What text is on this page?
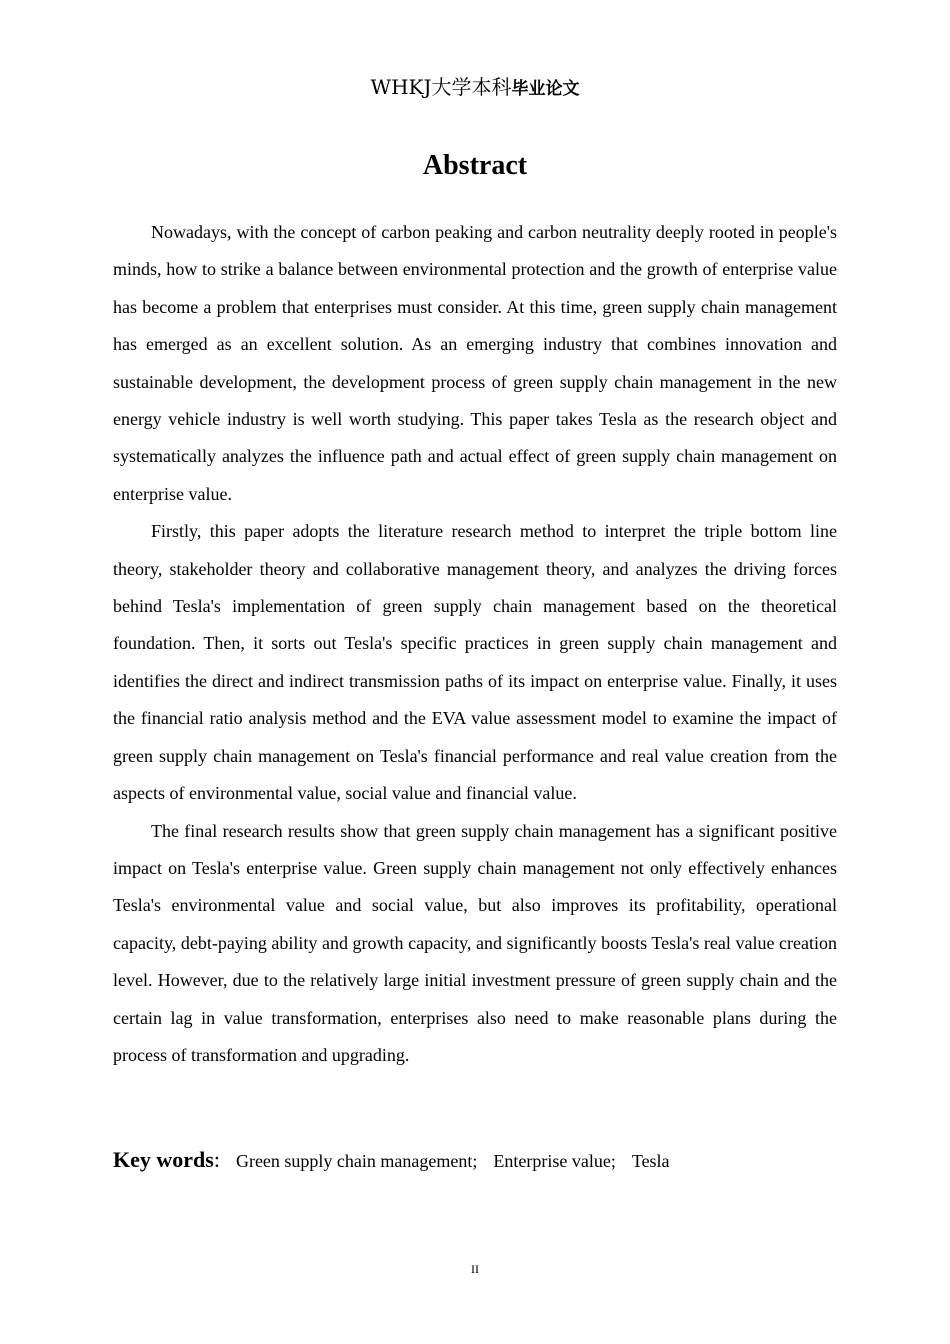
WHKJ大学本科毕业论文
Abstract

Nowadays, with the concept of carbon peaking and carbon neutrality deeply rooted in people's minds, how to strike a balance between environmental protection and the growth of enterprise value has become a problem that enterprises must consider. At this time, green supply chain management has emerged as an excellent solution. As an emerging industry that combines innovation and sustainable development, the development process of green supply chain management in the new energy vehicle industry is well worth studying. This paper takes Tesla as the research object and systematically analyzes the influence path and actual effect of green supply chain management on enterprise value.

Firstly, this paper adopts the literature research method to interpret the triple bottom line theory, stakeholder theory and collaborative management theory, and analyzes the driving forces behind Tesla's implementation of green supply chain management based on the theoretical foundation. Then, it sorts out Tesla's specific practices in green supply chain management and identifies the direct and indirect transmission paths of its impact on enterprise value. Finally, it uses the financial ratio analysis method and the EVA value assessment model to examine the impact of green supply chain management on Tesla's financial performance and real value creation from the aspects of environmental value, social value and financial value.

The final research results show that green supply chain management has a significant positive impact on Tesla's enterprise value. Green supply chain management not only effectively enhances Tesla's environmental value and social value, but also improves its profitability, operational capacity, debt-paying ability and growth capacity, and significantly boosts Tesla's real value creation level. However, due to the relatively large initial investment pressure of green supply chain and the certain lag in value transformation, enterprises also need to make reasonable plans during the process of transformation and upgrading.

Key words: Green supply chain management; Enterprise value; Tesla
II
